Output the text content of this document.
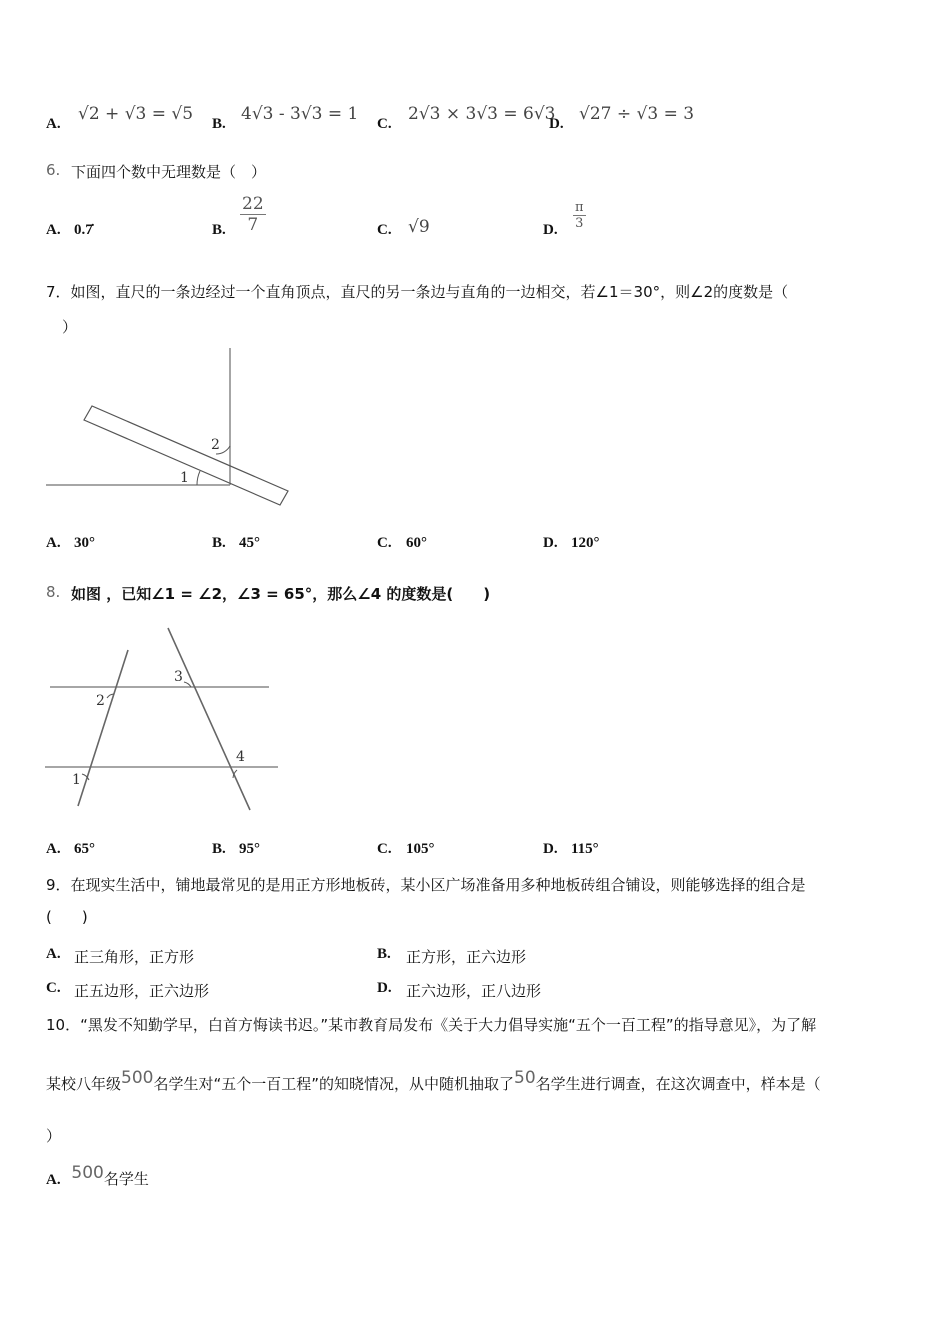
A. √2 + √3 = √5 B. 4√3 - 3√3 = 1 C. 2√3 × 3√3 = 6√3
D. √27 ÷ √3 = 3
6. 下面四个数中无理数是（　）
A. 0.7̇	B. $\frac{22}{7}$	C. √9	D. $\frac{\pi}{3}$
7．如图，直尺的一条边经过一个直角顶点，直尺的另一条边与直角的一边相交，若∠1＝30°，则∠2的度数是（
）
1
2
A. 30°	B. 45°	C. 60°	D. 120°
8. 如图 ，已知∠1 = ∠2，∠3 = 65°，那么∠4 的度数是(　　)
2
1
3
4
A. 65°	B. 95°	C. 105°	D. 115°
9．在现实生活中，铺地最常见的是用正方形地板砖，某小区广场准备用多种地板砖组合铺设，则能够选择的组合是
(　　)
A. 正三角形，正方形	B. 正方形，正六边形
C. 正五边形，正六边形	D. 正六边形，正八边形
10．“黑发不知勤学早，白首方悔读书迟。”某市教育局发布《关于大力倡导实施“五个一百工程”的指导意见》，为了解
某校八年级500名学生对“五个一百工程”的知晓情况，从中随机抽取了50名学生进行调查，在这次调查中，样本是（
）
A. 500名学生
